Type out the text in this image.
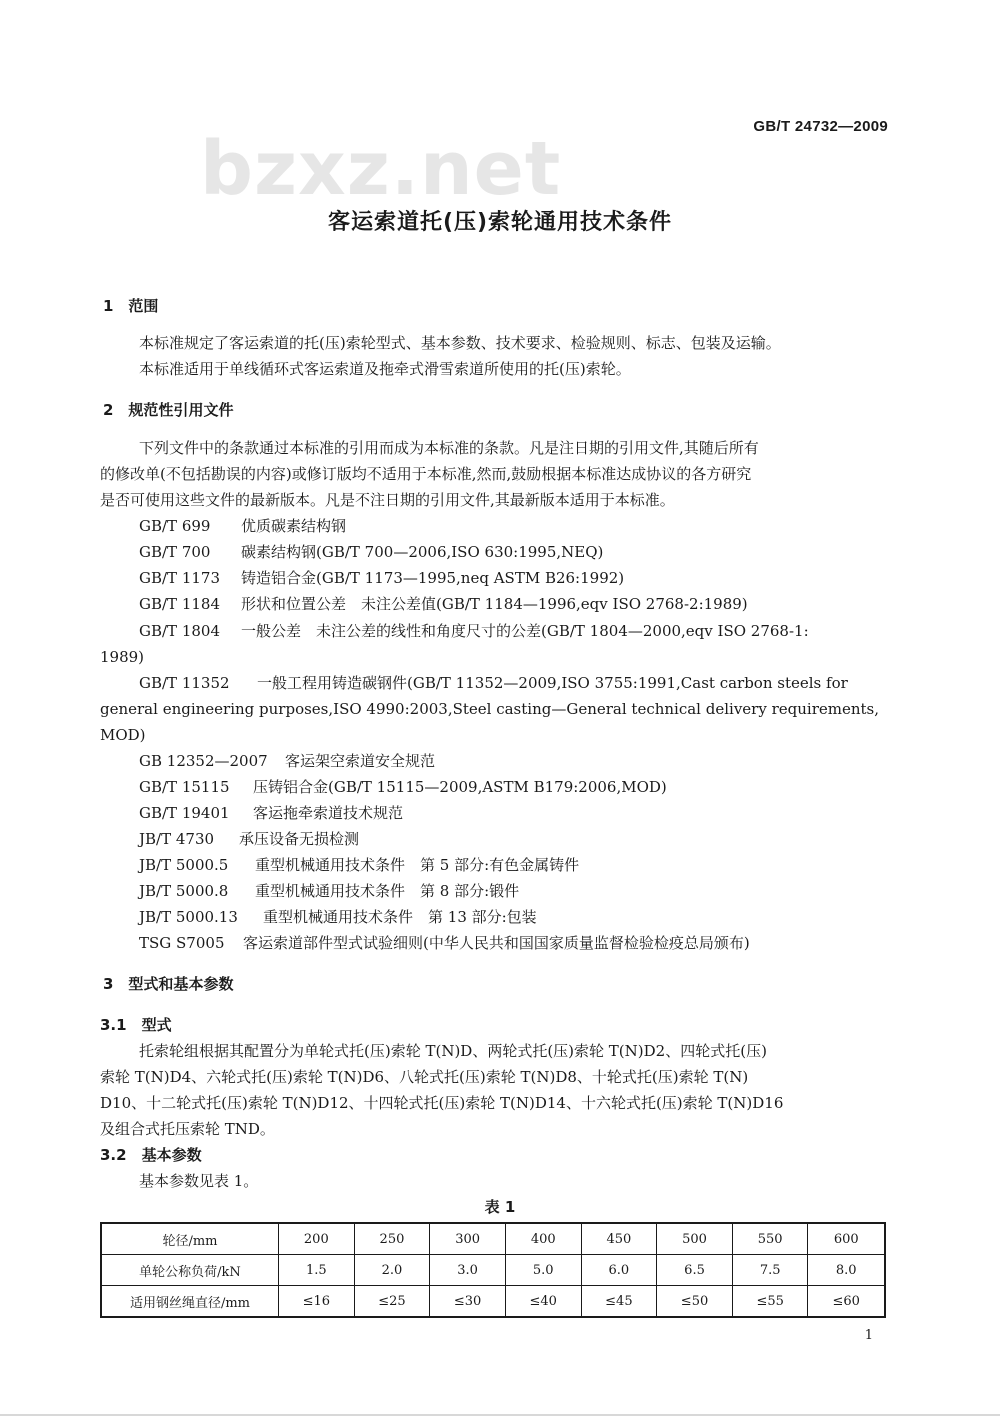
GB/T 24732—2009
bzxz.net
客运索道托(压)索轮通用技术条件
1　范围
本标准规定了客运索道的托(压)索轮型式、基本参数、技术要求、检验规则、标志、包装及运输。
本标准适用于单线循环式客运索道及拖牵式滑雪索道所使用的托(压)索轮。
2　规范性引用文件
下列文件中的条款通过本标准的引用而成为本标准的条款。凡是注日期的引用文件,其随后所有
的修改单(不包括勘误的内容)或修订版均不适用于本标准,然而,鼓励根据本标准达成协议的各方研究
是否可使用这些文件的最新版本。凡是不注日期的引用文件,其最新版本适用于本标准。
GB/T 699 优质碳素结构钢
GB/T 700 碳素结构钢(GB/T 700—2006,ISO 630:1995,NEQ)
GB/T 1173 铸造铝合金(GB/T 1173—1995,neq ASTM B26:1992)
GB/T 1184 形状和位置公差　未注公差值(GB/T 1184—1996,eqv ISO 2768-2:1989)
GB/T 1804 一般公差　未注公差的线性和角度尺寸的公差(GB/T 1804—2000,eqv ISO 2768-1:
1989)
GB/T 11352 一般工程用铸造碳钢件(GB/T 11352—2009,ISO 3755:1991,Cast carbon steels for
general engineering purposes,ISO 4990:2003,Steel casting—General technical delivery requirements,
MOD)
GB 12352—2007 客运架空索道安全规范
GB/T 15115 压铸铝合金(GB/T 15115—2009,ASTM B179:2006,MOD)
GB/T 19401 客运拖牵索道技术规范
JB/T 4730 承压设备无损检测
JB/T 5000.5 重型机械通用技术条件　第 5 部分:有色金属铸件
JB/T 5000.8 重型机械通用技术条件　第 8 部分:锻件
JB/T 5000.13 重型机械通用技术条件　第 13 部分:包装
TSG S7005 客运索道部件型式试验细则(中华人民共和国国家质量监督检验检疫总局颁布)
3　型式和基本参数
3.1　型式
托索轮组根据其配置分为单轮式托(压)索轮 T(N)D、两轮式托(压)索轮 T(N)D2、四轮式托(压)
索轮 T(N)D4、六轮式托(压)索轮 T(N)D6、八轮式托(压)索轮 T(N)D8、十轮式托(压)索轮 T(N)
D10、十二轮式托(压)索轮 T(N)D12、十四轮式托(压)索轮 T(N)D14、十六轮式托(压)索轮 T(N)D16
及组合式托压索轮 TND。
3.2　基本参数
基本参数见表 1。
表 1
轮径/mm	200	250	300	400	450	500	550	600
单轮公称负荷/kN	1.5	2.0	3.0	5.0	6.0	6.5	7.5	8.0
适用钢丝绳直径/mm	≤16	≤25	≤30	≤40	≤45	≤50	≤55	≤60
1
